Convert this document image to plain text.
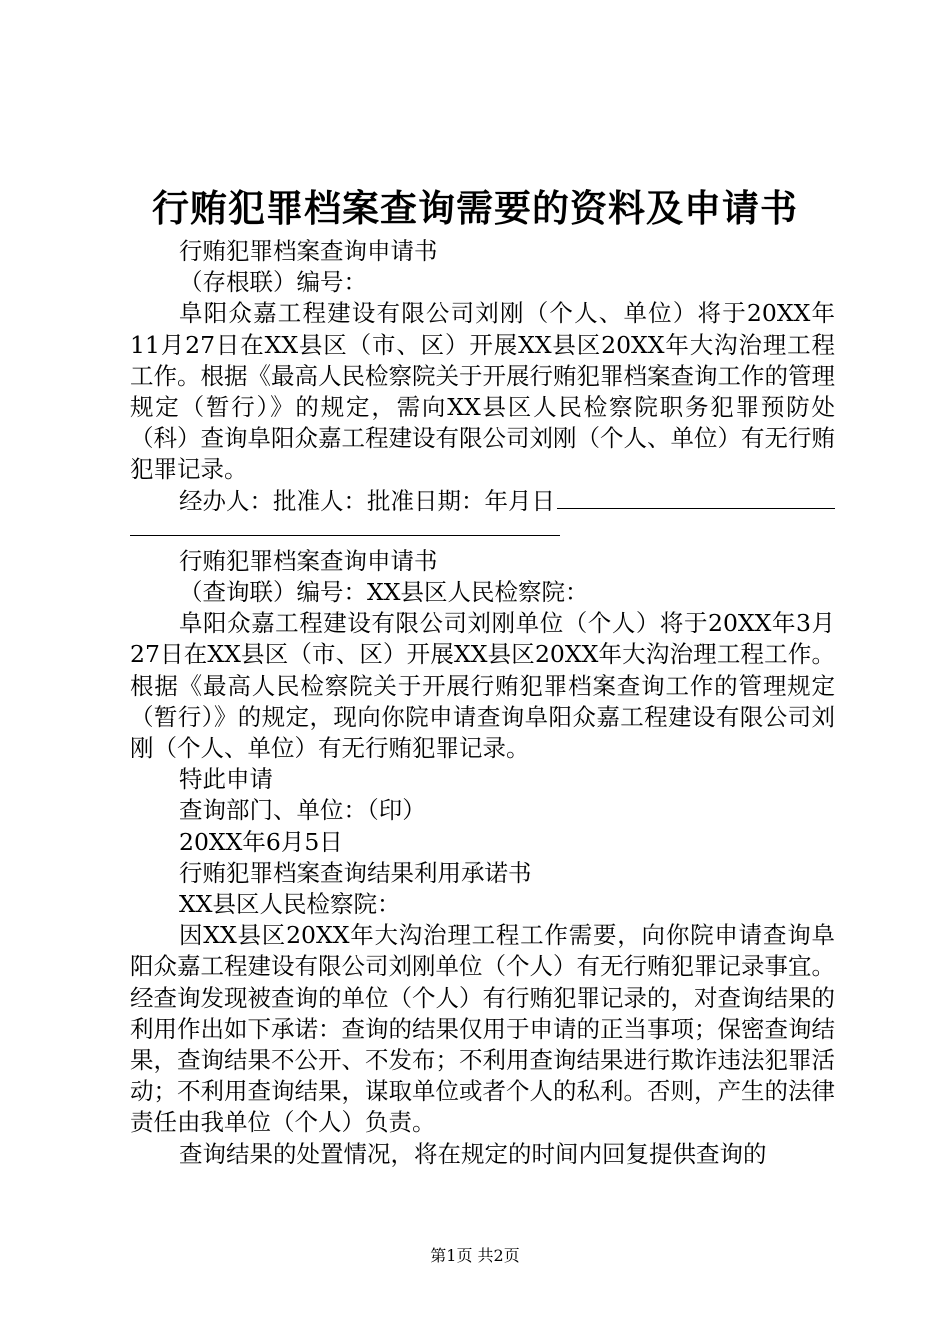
行贿犯罪档案查询需要的资料及申请书

行贿犯罪档案查询申请书

（存根联）编号：

阜阳众嘉工程建设有限公司刘刚（个人、单位）将于20XX年11月27日在XX县区（市、区）开展XX县区20XX年大沟治理工程工作。根据《最高人民检察院关于开展行贿犯罪档案查询工作的管理规定（暂行）》的规定，需向XX县区人民检察院职务犯罪预防处（科）查询阜阳众嘉工程建设有限公司刘刚（个人、单位）有无行贿犯罪记录。

经办人：批准人：批准日期：年月日

行贿犯罪档案查询申请书

（查询联）编号：XX县区人民检察院：

阜阳众嘉工程建设有限公司刘刚单位（个人）将于20XX年3月27日在XX县区（市、区）开展XX县区20XX年大沟治理工程工作。根据《最高人民检察院关于开展行贿犯罪档案查询工作的管理规定（暂行）》的规定，现向你院申请查询阜阳众嘉工程建设有限公司刘刚（个人、单位）有无行贿犯罪记录。

特此申请

查询部门、单位：（印）

20XX年6月5日

行贿犯罪档案查询结果利用承诺书

XX县区人民检察院：

因XX县区20XX年大沟治理工程工作需要，向你院申请查询阜阳众嘉工程建设有限公司刘刚单位（个人）有无行贿犯罪记录事宜。经查询发现被查询的单位（个人）有行贿犯罪记录的，对查询结果的利用作出如下承诺：查询的结果仅用于申请的正当事项；保密查询结果，查询结果不公开、不发布；不利用查询结果进行欺诈违法犯罪活动；不利用查询结果，谋取单位或者个人的私利。否则，产生的法律责任由我单位（个人）负责。

查询结果的处置情况，将在规定的时间内回复提供查询的

第1页 共2页
